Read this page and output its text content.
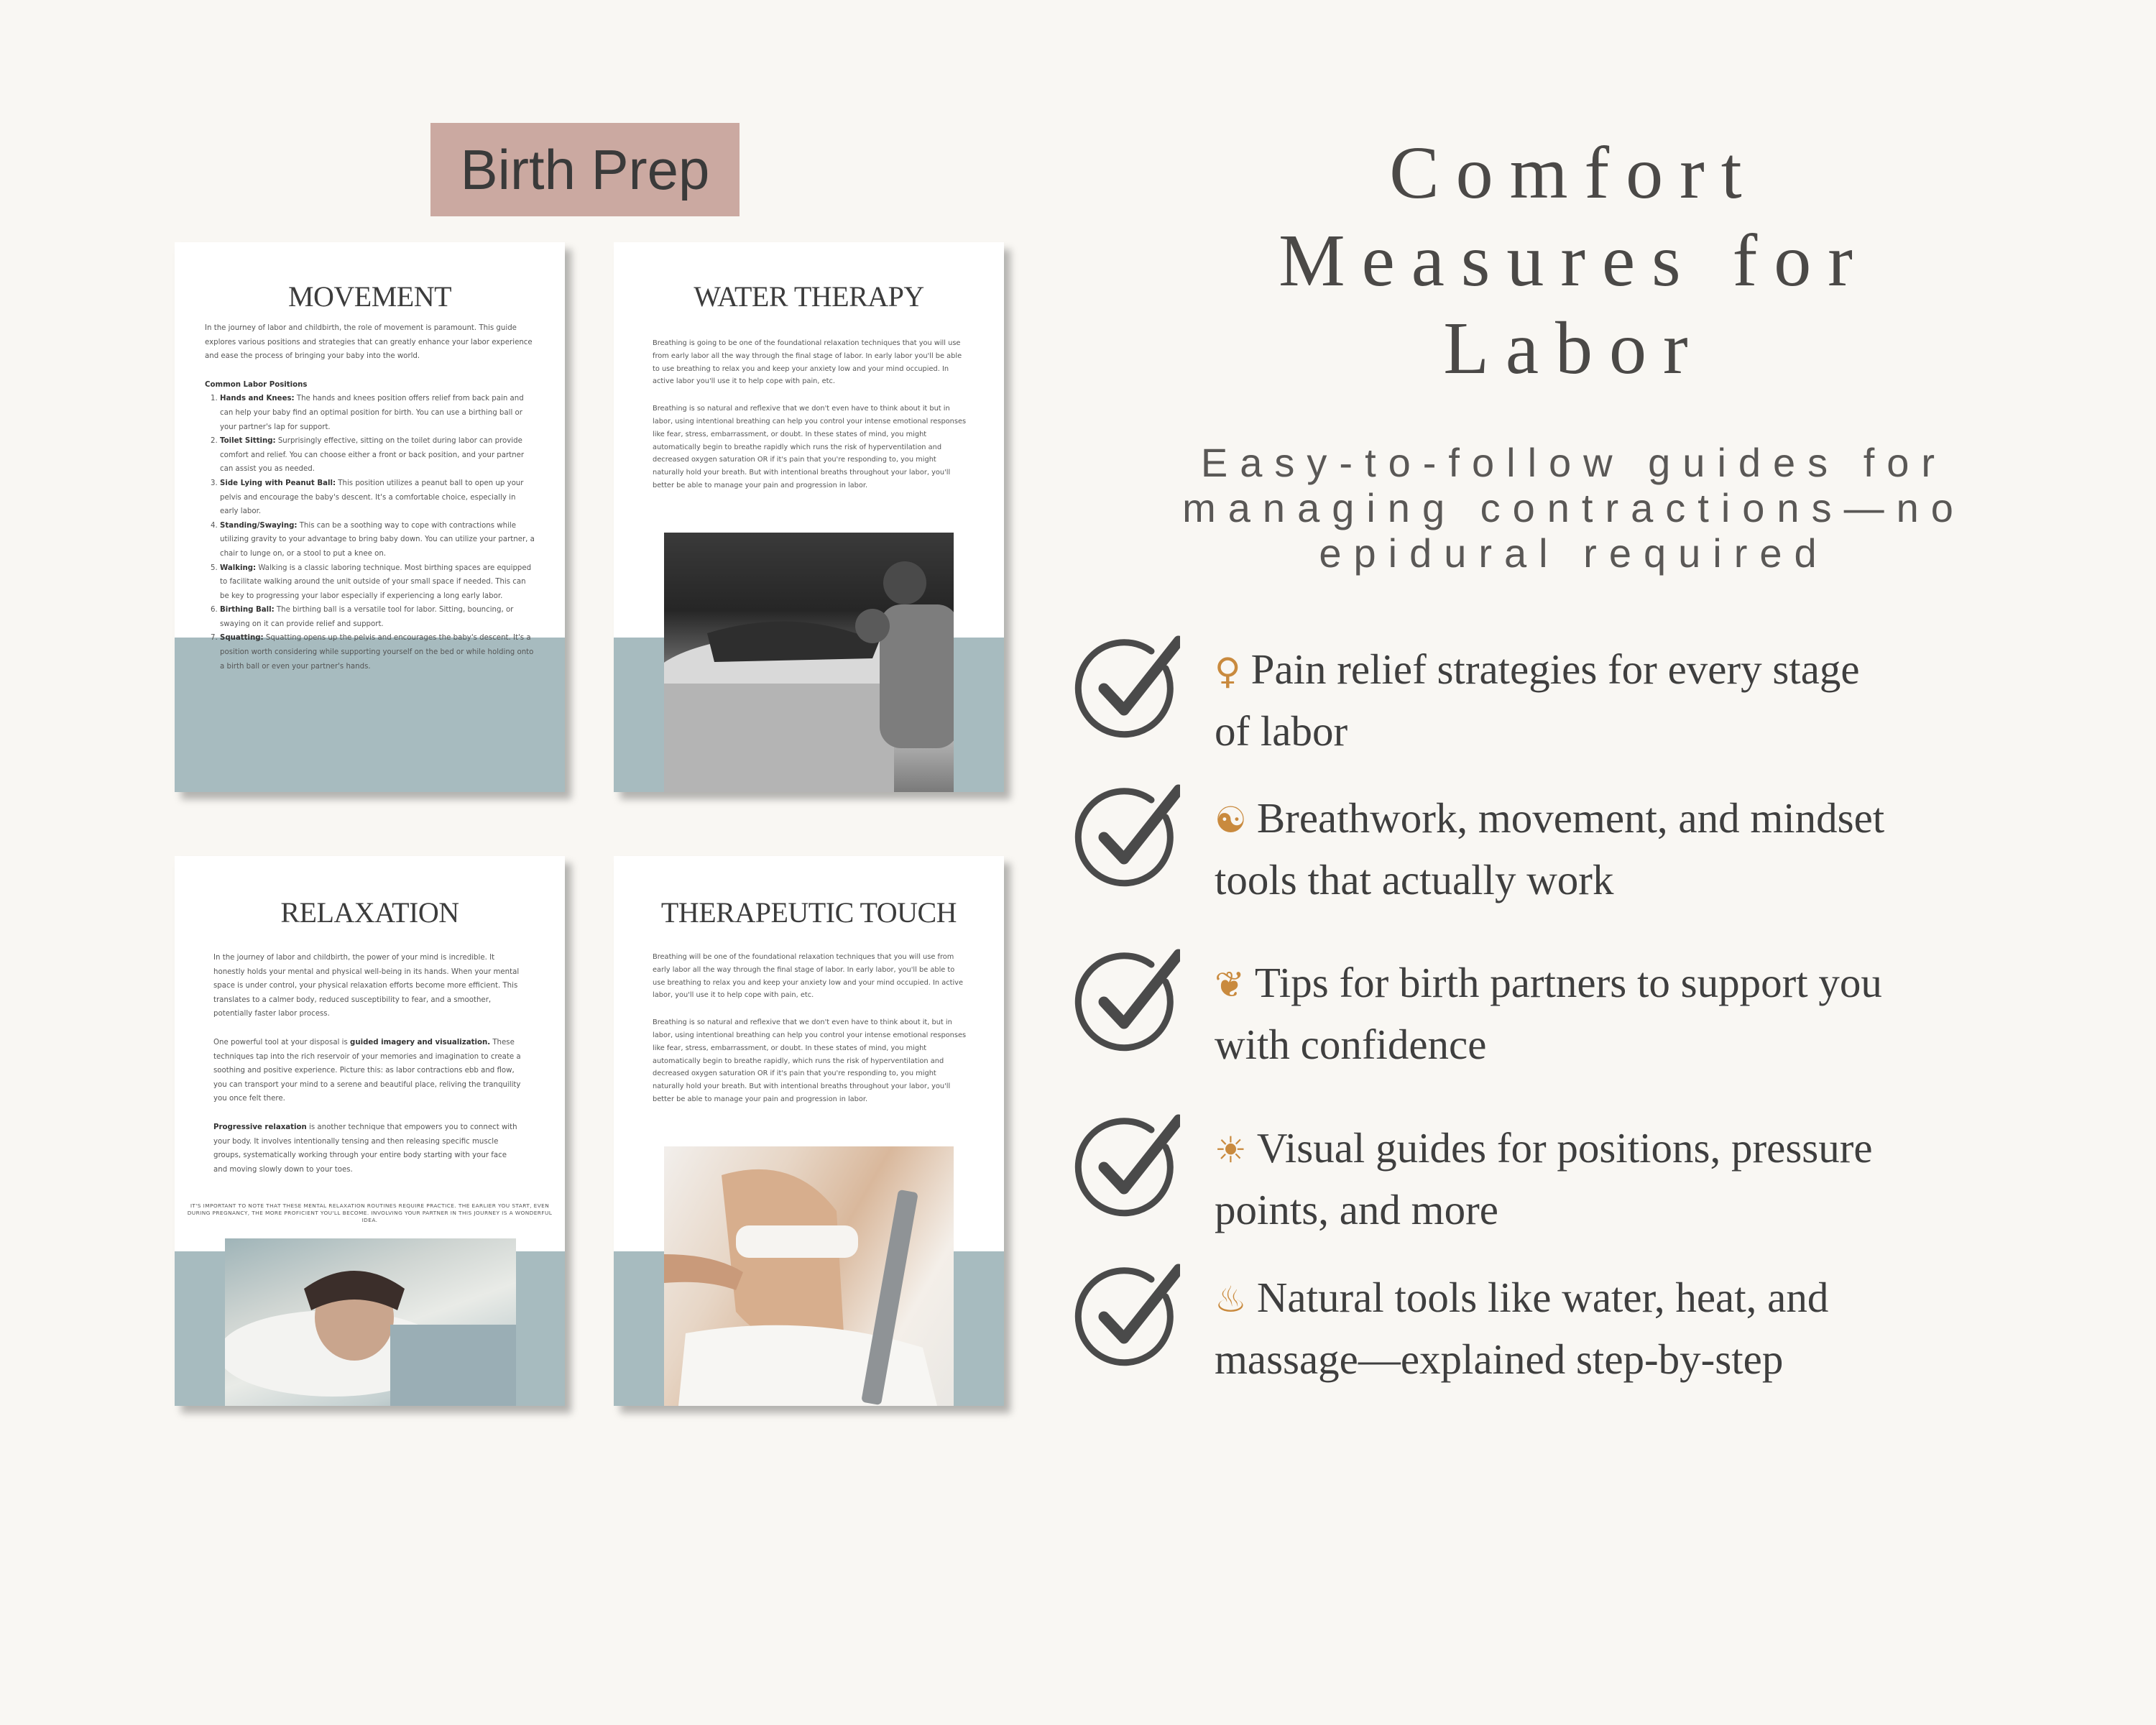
Birth Prep
MOVEMENT

In the journey of labor and childbirth, the role of movement is paramount. This guide explores various positions and strategies that can greatly enhance your labor experience and ease the process of bringing your baby into the world.

Common Labor Positions
1. Hands and Knees: The hands and knees position offers relief from back pain and can help your baby find an optimal position for birth. You can use a birthing ball or your partner's lap for support.
2. Toilet Sitting: Surprisingly effective, sitting on the toilet during labor can provide comfort and relief. You can choose either a front or back position, and your partner can assist you as needed.
3. Side Lying with Peanut Ball: This position utilizes a peanut ball to open up your pelvis and encourage the baby's descent. It's a comfortable choice, especially in early labor.
4. Standing/Swaying: This can be a soothing way to cope with contractions while utilizing gravity to your advantage to bring baby down. You can utilize your partner, a chair to lunge on, or a stool to put a knee on.
5. Walking: Walking is a classic laboring technique. Most birthing spaces are equipped to facilitate walking around the unit outside of your small space if needed. This can be key to progressing your labor especially if experiencing a long early labor.
6. Birthing Ball: The birthing ball is a versatile tool for labor. Sitting, bouncing, or swaying on it can provide relief and support.
7. Squatting: Squatting opens up the pelvis and encourages the baby's descent. It's a position worth considering while supporting yourself on the bed or while holding onto a birth ball or even your partner's hands.
WATER THERAPY

Breathing is going to be one of the foundational relaxation techniques that you will use from early labor all the way through the final stage of labor. In early labor you'll be able to use breathing to relax you and keep your anxiety low and your mind occupied. In active labor you'll use it to help cope with pain, etc.

Breathing is so natural and reflexive that we don't even have to think about it but in labor, using intentional breathing can help you control your intense emotional responses like fear, stress, embarrassment, or doubt. In these states of mind, you might automatically begin to breathe rapidly which runs the risk of hyperventilation and decreased oxygen saturation OR if it's pain that you're responding to, you might naturally hold your breath. But with intentional breaths throughout your labor, you'll better be able to manage your pain and progression in labor.

RELAXATION

In the journey of labor and childbirth, the power of your mind is incredible. It honestly holds your mental and physical well-being in its hands. When your mental space is under control, your physical relaxation efforts become more efficient. This translates to a calmer body, reduced susceptibility to fear, and a smoother, potentially faster labor process.

One powerful tool at your disposal is guided imagery and visualization. These techniques tap into the rich reservoir of your memories and imagination to create a soothing and positive experience. Picture this: as labor contractions ebb and flow, you can transport your mind to a serene and beautiful place, reliving the tranquility you once felt there.

Progressive relaxation is another technique that empowers you to connect with your body. It involves intentionally tensing and then releasing specific muscle groups, systematically working through your entire body starting with your face and moving slowly down to your toes.

IT'S IMPORTANT TO NOTE THAT THESE MENTAL RELAXATION ROUTINES REQUIRE PRACTICE. THE EARLIER YOU START, EVEN DURING PREGNANCY, THE MORE PROFICIENT YOU'LL BECOME. INVOLVING YOUR PARTNER IN THIS JOURNEY IS A WONDERFUL IDEA.
THERAPEUTIC TOUCH

Breathing will be one of the foundational relaxation techniques that you will use from early labor all the way through the final stage of labor. In early labor, you'll be able to use breathing to relax you and keep your anxiety low and your mind occupied. In active labor, you'll use it to help cope with pain, etc.

Breathing is so natural and reflexive that we don't even have to think about it, but in labor, using intentional breathing can help you control your intense emotional responses like fear, stress, embarrassment, or doubt. In these states of mind, you might automatically begin to breathe rapidly, which runs the risk of hyperventilation and decreased oxygen saturation OR if it's pain that you're responding to, you might naturally hold your breath. But with intentional breaths throughout your labor, you'll better be able to manage your pain and progression in labor.

Comfort
Measures for
Labor
Easy-to-follow guides for
managing contractions—no
epidural required
♀ Pain relief strategies for every stage
of labor
☯ Breathwork, movement, and mindset
tools that actually work
❦ Tips for birth partners to support you
with confidence
☀ Visual guides for positions, pressure
points, and more
♨ Natural tools like water, heat, and
massage—explained step-by-step
